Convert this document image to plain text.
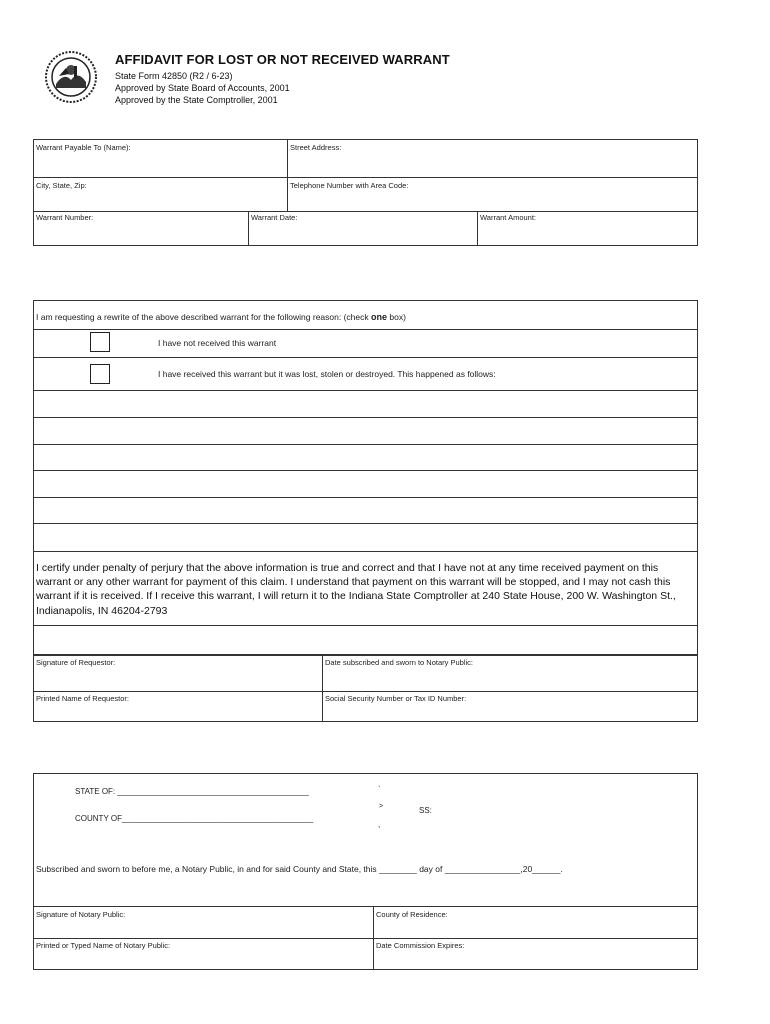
AFFIDAVIT FOR LOST OR NOT RECEIVED WARRANT
State Form 42850 (R2 / 6-23)
Approved by State Board of Accounts, 2001
Approved by the State Comptroller, 2001
Warrant Payable To (Name):	Street Address:
City, State, Zip:	Telephone Number with Area Code:
Warrant Number:	Warrant Date:	Warrant Amount:
I am requesting a rewrite of the above described warrant for the following reason: (check one box)
I have not received this warrant
I have received this warrant but it was lost, stolen or destroyed. This happened as follows:
I certify under penalty of perjury that the above information is true and correct and that I have not at any time received payment on this warrant or any other warrant for payment of this claim. I understand that payment on this warrant will be stopped, and I may not cash this warrant if it is received. If I receive this warrant, I will return it to the Indiana State Comptroller at 240 State House, 200 W. Washington St., Indianapolis, IN 46204-2793
Signature of Requestor:	Date subscribed and sworn to Notary Public:
Printed Name of Requestor:	Social Security Number or Tax ID Number:
STATE OF: ___________________________________________
COUNTY OF___________________________________________
`
>
,
SS:
Subscribed and sworn to before me, a Notary Public, in and for said County and State, this ________ day of ________________,20______.
Signature of Notary Public:	County of Residence:
Printed or Typed Name of Notary Public:	Date Commission Expires:
